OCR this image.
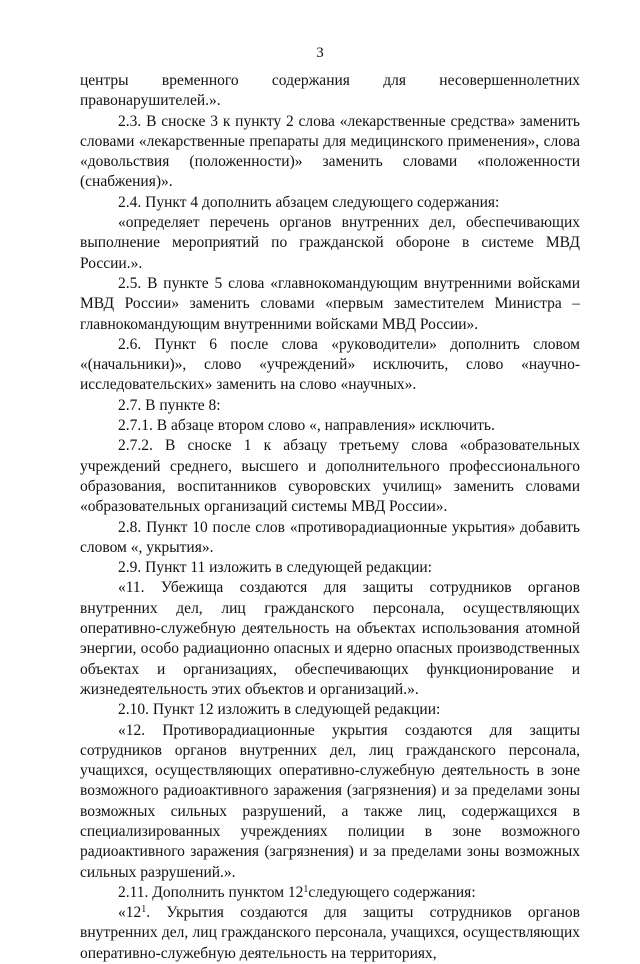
3

центры временного содержания для несовершеннолетних правонарушителей.».

2.3. В сноске 3 к пункту 2 слова «лекарственные средства» заменить словами «лекарственные препараты для медицинского применения», слова «довольствия (положенности)» заменить словами «положенности (снабжения)».

2.4. Пункт 4 дополнить абзацем следующего содержания:

«определяет перечень органов внутренних дел, обеспечивающих выполнение мероприятий по гражданской обороне в системе МВД России.».

2.5. В пункте 5 слова «главнокомандующим внутренними войсками МВД России» заменить словами «первым заместителем Министра – главнокомандующим внутренними войсками МВД России».

2.6. Пункт 6 после слова «руководители» дополнить словом «(начальники)», слово «учреждений» исключить, слово «научно-исследовательских» заменить на слово «научных».

2.7. В пункте 8:

2.7.1. В абзаце втором слово «, направления» исключить.

2.7.2. В сноске 1 к абзацу третьему слова «образовательных учреждений среднего, высшего и дополнительного профессионального образования, воспитанников суворовских училищ» заменить словами «образовательных организаций системы МВД России».

2.8. Пункт 10 после слов «противорадиационные укрытия» добавить словом «, укрытия».

2.9. Пункт 11 изложить в следующей редакции:

«11. Убежища создаются для защиты сотрудников органов внутренних дел, лиц гражданского персонала, осуществляющих оперативно-служебную деятельность на объектах использования атомной энергии, особо радиационно опасных и ядерно опасных производственных объектах и организациях, обеспечивающих функционирование и жизнедеятельность этих объектов и организаций.».

2.10. Пункт 12 изложить в следующей редакции:

«12. Противорадиационные укрытия создаются для защиты сотрудников органов внутренних дел, лиц гражданского персонала, учащихся, осуществляющих оперативно-служебную деятельность в зоне возможного радиоактивного заражения (загрязнения) и за пределами зоны возможных сильных разрушений, а также лиц, содержащихся в специализированных учреждениях полиции в зоне возможного радиоактивного заражения (загрязнения) и за пределами зоны возможных сильных разрушений.».

2.11. Дополнить пунктом $12^1следующего$ содержания:

«$12^1$. Укрытия создаются для защиты сотрудников органов внутренних дел, лиц гражданского персонала, учащихся, осуществляющих оперативно-служебную деятельность на территориях,
